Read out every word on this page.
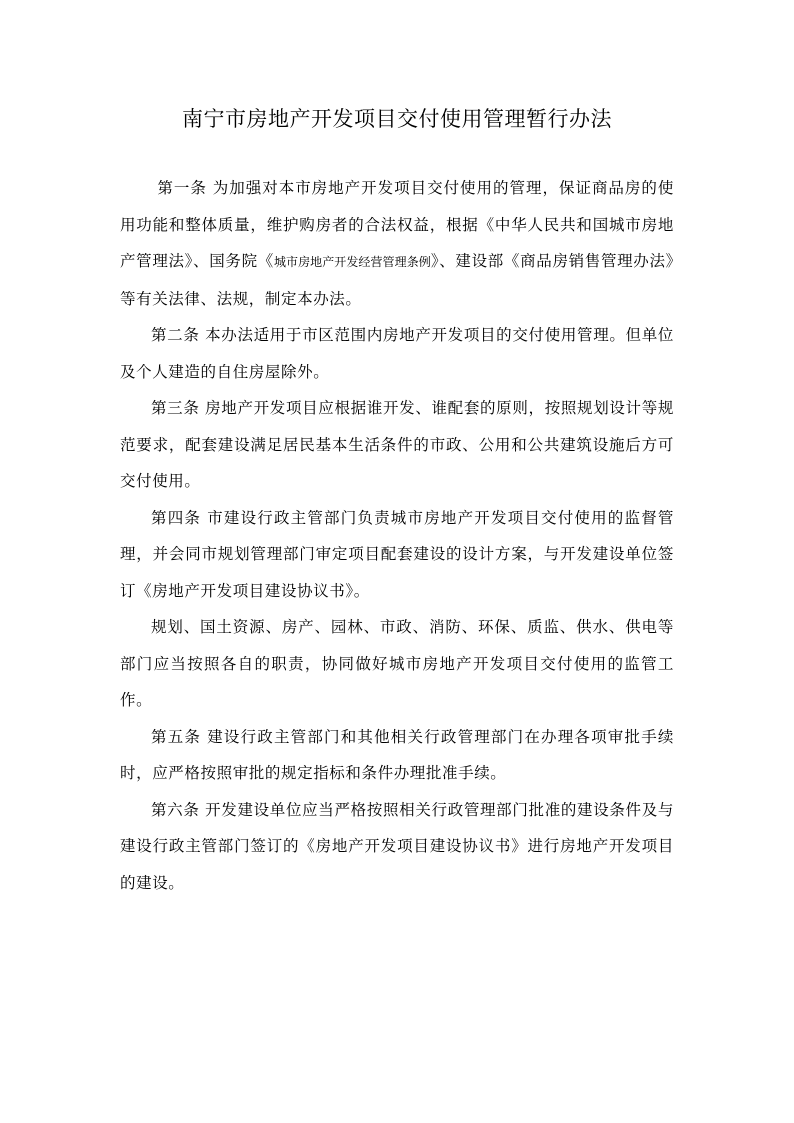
南宁市房地产开发项目交付使用管理暂行办法

第一条 为加强对本市房地产开发项目交付使用的管理，保证商品房的使用功能和整体质量，维护购房者的合法权益，根据《中华人民共和国城市房地产管理法》、国务院《城市房地产开发经营管理条例》、建设部《商品房销售管理办法》等有关法律、法规，制定本办法。

第二条 本办法适用于市区范围内房地产开发项目的交付使用管理。但单位及个人建造的自住房屋除外。

第三条 房地产开发项目应根据谁开发、谁配套的原则，按照规划设计等规范要求，配套建设满足居民基本生活条件的市政、公用和公共建筑设施后方可交付使用。

第四条 市建设行政主管部门负责城市房地产开发项目交付使用的监督管理，并会同市规划管理部门审定项目配套建设的设计方案，与开发建设单位签订《房地产开发项目建设协议书》。

规划、国土资源、房产、园林、市政、消防、环保、质监、供水、供电等部门应当按照各自的职责，协同做好城市房地产开发项目交付使用的监管工作。

第五条 建设行政主管部门和其他相关行政管理部门在办理各项审批手续时，应严格按照审批的规定指标和条件办理批准手续。

第六条 开发建设单位应当严格按照相关行政管理部门批准的建设条件及与建设行政主管部门签订的《房地产开发项目建设协议书》进行房地产开发项目的建设。
